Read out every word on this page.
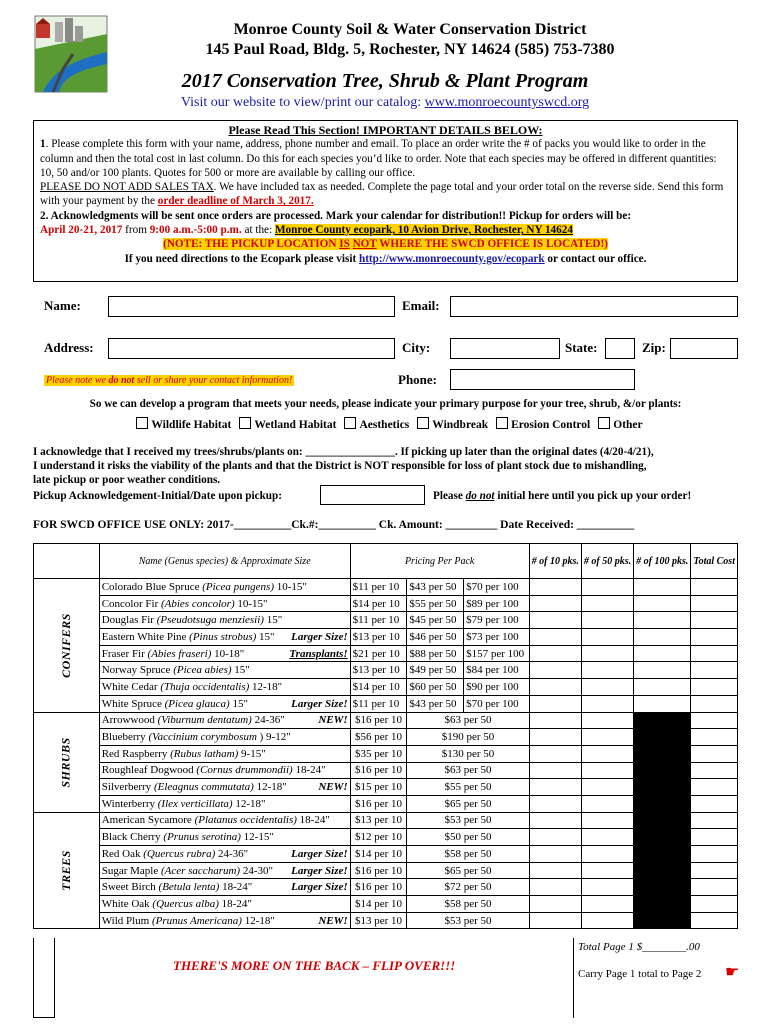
Monroe County Soil & Water Conservation District
145 Paul Road, Bldg. 5, Rochester, NY 14624 (585) 753-7380
2017 Conservation Tree, Shrub & Plant Program
Visit our website to view/print our catalog: www.monroecountyswcd.org

Please Read This Section! IMPORTANT DETAILS BELOW:

1. Please complete this form with your name, address, phone number and email. To place an order write the # of packs you would like to order in the column and then the total cost in last column. Do this for each species you’d like to order. Note that each species may be offered in different quantities: 10, 50 and/or 100 plants. Quotes for 500 or more are available by calling our office.

PLEASE DO NOT ADD SALES TAX. We have included tax as needed. Complete the page total and your order total on the reverse side. Send this form with your payment by the order deadline of March 3, 2017.

2. Acknowledgments will be sent once orders are processed. Mark your calendar for distribution!! Pickup for orders will be:

April 20-21, 2017 from 9:00 a.m.-5:00 p.m. at the: Monroe County ecopark, 10 Avion Drive, Rochester, NY 14624

(NOTE: THE PICKUP LOCATION IS NOT WHERE THE SWCD OFFICE IS LOCATED!)

If you need directions to the Ecopark please visit http://www.monroecounty.gov/ecopark or contact our office.

Name:	Email:
Address:	City:	State:	Zip:
Please note we do not sell or share your contact information!	Phone:
So we can develop a program that meets your needs, please indicate your primary purpose for your tree, shrub, &/or plants:
Wildlife Habitat Wetland Habitat Aesthetics Windbreak Erosion Control Other
I acknowledge that I received my trees/shrubs/plants on: ________________. If picking up later than the original dates (4/20-4/21),
I understand it risks the viability of the plants and that the District is NOT responsible for loss of plant stock due to mishandling,
late pickup or poor weather conditions.
Pickup Acknowledgement-Initial/Date upon pickup:	Please do not initial here until you pick up your order!
FOR SWCD OFFICE USE ONLY: 2017-__________Ck.#:__________ Ck. Amount: _________ Date Received: __________
	Name (Genus species) & Approximate Size	Pricing Per Pack			# of 10 pks.	# of 50 pks.	# of 100 pks.	Total Cost
CONIFERS	Colorado Blue Spruce (Picea pungens) 10-15"	$11 per 10	$43 per 50	$70 per 100				
	Concolor Fir (Abies concolor) 10-15"	$14 per 10	$55 per 50	$89 per 100				
	Douglas Fir (Pseudotsuga menziesii) 15"	$11 per 10	$45 per 50	$79 per 100				
	Eastern White Pine (Pinus strobus) 15" Larger Size!	$13 per 10	$46 per 50	$73 per 100				
	Fraser Fir (Abies fraseri) 10-18" Transplants!	$21 per 10	$88 per 50	$157 per 100				
	Norway Spruce (Picea abies) 15"	$13 per 10	$49 per 50	$84 per 100				
	White Cedar (Thuja occidentalis) 12-18"	$14 per 10	$60 per 50	$90 per 100				
	White Spruce (Picea glauca) 15" Larger Size!	$11 per 10	$43 per 50	$70 per 100				
SHRUBS	Arrowwood (Viburnum dentatum) 24-36" NEW!	$16 per 10	$63 per 50					
	Blueberry (Vaccinium corymbosum ) 9-12"	$56 per 10	$190 per 50					
	Red Raspberry (Rubus latham) 9-15"	$35 per 10	$130 per 50					
	Roughleaf Dogwood (Cornus drummondii) 18-24"	$16 per 10	$63 per 50					
	Silverberry (Eleagnus commutata) 12-18" NEW!	$15 per 10	$55 per 50					
	Winterberry (Ilex verticillata) 12-18"	$16 per 10	$65 per 50					
TREES	American Sycamore (Platanus occidentalis) 18-24"	$13 per 10	$53 per 50					
	Black Cherry (Prunus serotina) 12-15"	$12 per 10	$50 per 50					
	Red Oak (Quercus rubra) 24-36" Larger Size!	$14 per 10	$58 per 50					
	Sugar Maple (Acer saccharum) 24-30" Larger Size!	$16 per 10	$65 per 50					
	Sweet Birch (Betula lenta) 18-24" Larger Size!	$16 per 10	$72 per 50					
	White Oak (Quercus alba) 18-24"	$14 per 10	$58 per 50					
	Wild Plum (Prunus Americana) 12-18" NEW!	$13 per 10	$53 per 50					
THERE'S MORE ON THE BACK – FLIP OVER!!!
Total Page 1 $________.00
Carry Page 1 total to Page 2 ☛
